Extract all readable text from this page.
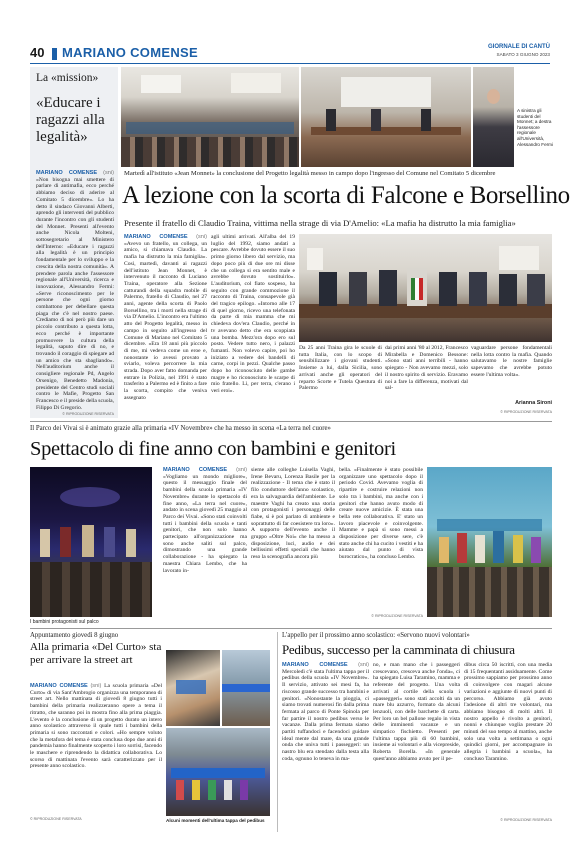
40 MARIANO COMENSE	GIORNALE DI CANTÙ
SABATO 3 GIUGNO 2023
La «mission»
«Educare i ragazzi alla legalità»
MARIANO COMENSE (sni) «Non bisogna mai smettere di parlare di antimafia, ecco perché abbiamo deciso di aderire al Comitato 5 dicembre». Lo ha detto il sindaco Giovanni Alberti, aprendo gli interventi del pubblico durante l'incontro con gli studenti del Monnet. Presenti all'evento anche Nicola Molteni, sottosegretario al Ministero dell'Interno: «Educare i ragazzi alla legalità è un principio fondamentale per lo sviluppo e la crescita della nostra comunità». A prendere parola anche l'assessore regionale all'Università, ricerca e innovazione, Alessandro Fermi: «Serve riconoscimento per le persone che ogni giorno combattono per debellare questa piaga che c'è nel nostro paese. Crediamo di noi però più dare un piccolo contributo a questa lotta, ecco perché è importante promuovere la cultura della legalità, saputo dire di no, e trovando il coraggio di spiegare ad un amico che sta sbagliando». Nell'auditorium anche il consigliere regionale Pd, Angelo Orsenigo, Benedetto Madonia, presidente del Centro studi sociali contro le Mafie, Progetto San Francesco e il preside della scuola, Filippo Di Gregorio.
© RIPRODUZIONE RISERVATA
A sinistra gli studenti del Monnet; a destra l'assessore regionale all'Università, Alessandro Fermi
Martedì all'istituto «Jean Monnet» la conclusione del Progetto legalità messo in campo dopo l'ingresso del Comune nel Comitato 5 dicembre
A lezione con la scorta di Falcone e Borsellino
Presente il fratello di Claudio Traina, vittima nella strage di via D'Amelio: «La mafia ha distrutto la mia famiglia»
MARIANO COMENSE (sni) «Avevo un fratello, un collega, un amico, si chiamava Claudio. La mafia ha distrutto la mia famiglia». Così, martedì, davanti ai ragazzi dell'istituto Jean Monnet, è intervenuto il racconto di Luciano Traina, operatore alla Sezione catturandi della squadra mobile di Palermo, fratello di Claudio, nel 27 anni, agente della scorta di Paolo Borsellino, tra i morti nella strage di via D'Amelio. L'incontro era l'ultimo atto del Progetto legalità, messo in campo in seguito all'ingresso del Comune di Mariano nel Comitato 5 dicembre. «Era 18 anni più piccolo di me, mi vedeva come un eroe e, nonostante io avessi provato a sviarlo, voleva percorrere la mia strada. Dopo aver fatto domanda per entrare in Polizia, nel 1991 è stato trasferito a Palermo ed è finito a fare la scorta, compito che veniva assegnato
agli ultimi arrivati. All'alba del 19 luglio del 1992, siamo andati a pescare. Avrebbe dovuto essere il suo primo giorno libero dal servizio, ma dopo poco più di due ore mi disse che un collega si era sentito male e avrebbe dovuto sostituirlo». L'auditorium, col fiato sospeso, ha seguito con grande commozione il racconto di Traina, consapevole già del tragico epilogo. «Intorno alle 17 di quel giorno, ricevo una telefonata da parte di mia mamma che mi chiedeva dov'era Claudio, perché in tv avevano detto che era scoppiata una bomba. Mezz'ora dopo ero sul posto. Vedere tutto nero, i palazzi fumanti. Non volevo capire, poi ho iniziato a vedere dei bandelli di carne, corpi in pezzi. Qualche passo dopo ho riconosciuto delle gambe magre e ho riconosciuto le scarpe di mio fratello. Lì, per terra, c'erano i veri eroi».
Da 25 anni Traina gira le scuole di tutta Italia, con lo scopo di sensibilizzare i giovani studenti. Insieme a lui, dalla Sicilia, sono arrivati anche gli operatori del reparto Scorte e Tutela Questura di Palermo
dai primi anni '80 al 2012, Francesco Mirabella e Domenico Bessone: «Sono stati anni terribili - hanno spiegato - Non avevamo mezzi, solo il nostro spirito di servizio. Eravamo noi a fare la differenza, motivati dal sal-
vaguardare persone fondamentali nella lotta contro la mafia. Quando salutavamo le nostre famiglie sapevamo che avrebbe potuto essere l'ultima volta».
Arianna Sironi
© RIPRODUZIONE RISERVATA
Il Parco dei Vivai si è animato grazie alla primaria «IV Novembre» che ha messo in scena «La terra nel cuore»
Spettacolo di fine anno con bambini e genitori
I bambini protagonisti sul palco
MARIANO COMENSE (sni) «Vogliamo un mondo migliore», questo il messaggio finale del bambini della scuola primaria «IV Novembre» durante lo spettacolo di fine anno, «La terra nel cuore», andato in scena giovedì 25 maggio al Parco dei Vivai. «Sono stati coinvolti tutti i bambini della scuola e tanti genitori, che non solo hanno partecipato all'organizzazione ma sono anche saliti sul palco, dimostrando una grande collaborazione - ha spiegato la maestra Chiara Lembo, che ha lavorato in-
sieme alle colleghe Luisella Vaghi, Irene Bevaru, Lorenza Basile per la realizzazione - Il tema che è stato il filo conduttore dell'anno scolastico, era la salvaguardia dell'ambiente. Le maestre Vaghi ha creato una storia con protagonisti i personaggi delle fiabe, sì è poi parlato di ambiente e soprattutto di far coesistere tra loro». A supporto dell'evento anche il gruppo «Oltre Noi» che ha messo a disposizione, luci, audio e dei bellissimi effetti speciali che hanno reso la scenografia ancora più
bella. «Finalmente è stato possibile organizzare uno spettacolo dopo il periodo Covid. Avevamo voglia di ripartire e costruire relazioni non solo tra i bambini, ma anche con i genitori che hanno avuto modo di creare nuove amicizie. È stata una bella rete collaborativa. E' stato un lavoro piacevole e coinvolgente. Mamme e papà si sono messi a disposizione per diverse sere, c'è stato anche chi ha cucito i vestiti e ha aiutato dal punto di vista burocratico», ha concluso Lembo.
© RIPRODUZIONE RISERVATA
Appuntamento giovedì 8 giugno
Alla primaria «Del Curto» sta per arrivare la street art
MARIANO COMENSE (sni) La scuola primaria «Del Curto» di via Sant'Ambrogio organizza una temporanea di street art. Nello mattinata di giovedì 8 giugno tutti i bambini della primaria realizzeranno opere a tema il ritratto, che saranno poi in mostra fino alla prima piaggia. L'evento è la conclusione di un progetto durato un intero anno scolastico attraverso il quale tutti i bambini della primaria si sono raccontati e colori. «Ho sempre voluto che la metafora del tema è stata conclusa dopo due anni di pandemia hanno finalmente scoperto i loro sorrisi, facendo le maschere e riprendendo la didattica collaborativa. Lo scorso di mattinata l'evento sarà caratterizzato per il presente anno scolastico.
© RIPRODUZIONE RISERVATA	Alcuni momenti dell'ultima tappa del pedibus
L'appello per il prossimo anno scolastico: «Servono nuovi volontari»
Pedibus, successo per la camminata di chiusura
MARIANO COMENSE (sni) Mercoledì c'è stata l'ultima tappa per il pedibus della scuola «IV Novembre». Il servizio, attivato sei mesi fa, ha riscosso grande successo tra bambini e genitori. «Nonostante la pioggia, ci siamo trovati numerosi fin dalla prima fermata al parco di Ponte Spinola per far partire il nostro pedibus verso le vacanze. Dalla prima fermata siamo partiti tuffandoci e facendoci guidare ideal mente dal mare, da una grande onda che univa tutti i passeggeri: un nastro blu era stendato dalla testa alla coda, ognuno lo teneva in ma-
no, e man mano che i passeggeri crescevano, cresceva anche l'onda», ci ha spiegato Luisa Taramino, mamma e referente del progetto. Una volta arrivati al cortile della scuola i «passeggeri» sono stati accolti da un mare blu azzurro, formato da alcuni lenzuoli, con delle barchette di carta. Per loro un bel pallone regalo in vista delle imminenti vacanze e un simpatico fischietto. Presenti per l'ultima tappa più di 60 bambini, insieme ai volontari e alla vicepreside, Roberta Borella. «In generale quest'anno abbiamo avuto per il pe-
dibus circa 50 iscritti, con una media di 15 frequentanti assiduamente. Come prossimo sappiamo per prossimo anno di coinvolgere con magari alcune variazioni e aggiunte di nuovi punti di percorso. Abbiamo già avuto l'adesione di altri tre volontari, ma abbiamo bisogno di molti altri. Il nostro appello è rivolto a genitori, nonni e chiunque voglia prestare 20 minuti del suo tempo al mattino, anche solo una volta a settimana o ogni quindici giorni, per accompagnare in allegria i bambini a scuola», ha concluso Taramino.
© RIPRODUZIONE RISERVATA
